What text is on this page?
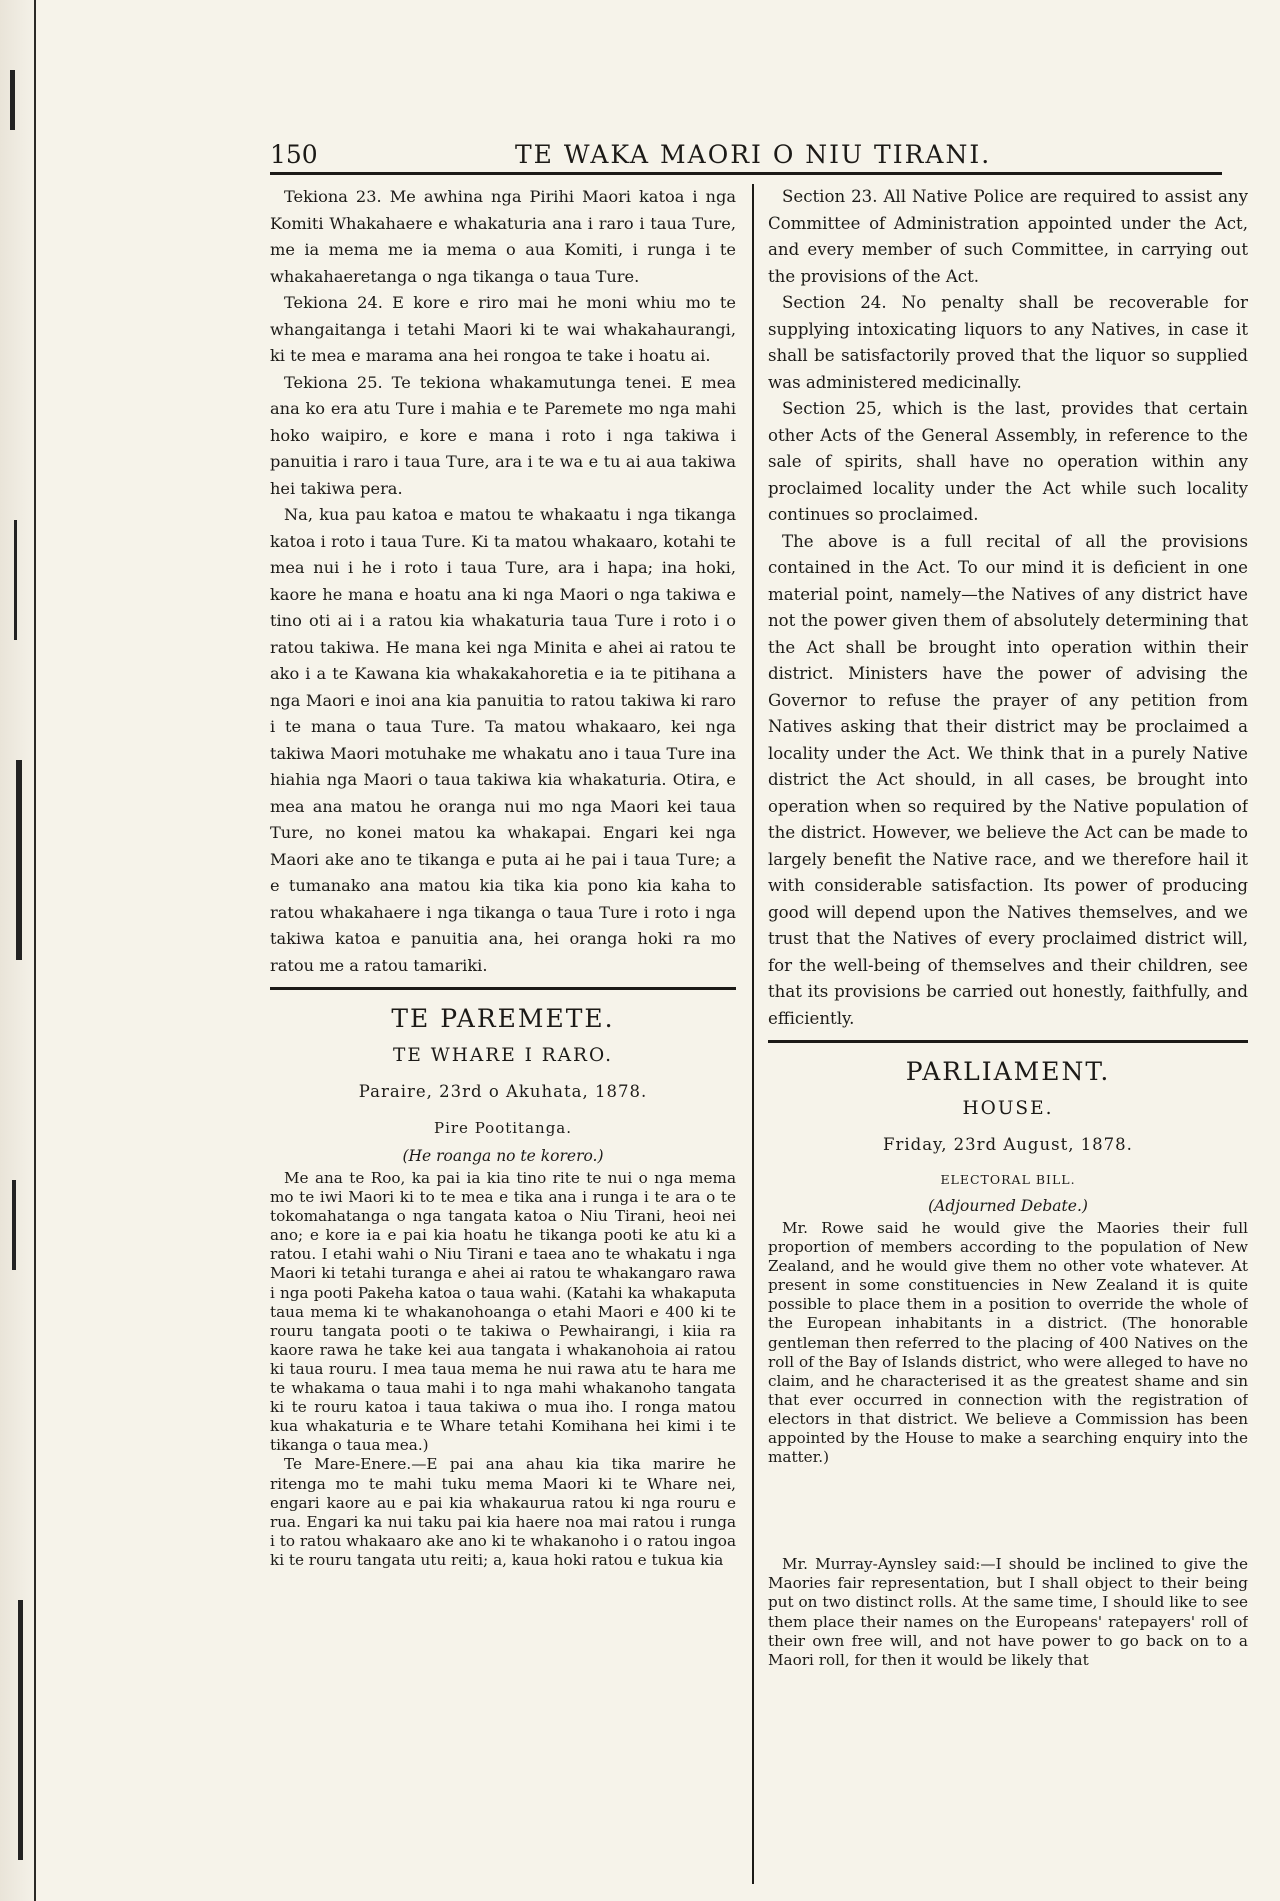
150	TE WAKA MAORI O NIU TIRANI.

Tekiona 23. Me awhina nga Pirihi Maori katoa i nga Komiti Whakahaere e whakaturia ana i raro i taua Ture, me ia mema me ia mema o aua Komiti, i runga i te whakahaeretanga o nga tikanga o taua Ture.

Tekiona 24. E kore e riro mai he moni whiu mo te whangaitanga i tetahi Maori ki te wai whakahaurangi, ki te mea e marama ana hei rongoa te take i hoatu ai.

Tekiona 25. Te tekiona whakamutunga tenei. E mea ana ko era atu Ture i mahia e te Paremete mo nga mahi hoko waipiro, e kore e mana i roto i nga takiwa i panuitia i raro i taua Ture, ara i te wa e tu ai aua takiwa hei takiwa pera.

Na, kua pau katoa e matou te whakaatu i nga tikanga katoa i roto i taua Ture. Ki ta matou whakaaro, kotahi te mea nui i he i roto i taua Ture, ara i hapa; ina hoki, kaore he mana e hoatu ana ki nga Maori o nga takiwa e tino oti ai i a ratou kia whakaturia taua Ture i roto i o ratou takiwa. He mana kei nga Minita e ahei ai ratou te ako i a te Kawana kia whakakahoretia e ia te pitihana a nga Maori e inoi ana kia panuitia to ratou takiwa ki raro i te mana o taua Ture. Ta matou whakaaro, kei nga takiwa Maori motuhake me whakatu ano i taua Ture ina hiahia nga Maori o taua takiwa kia whakaturia. Otira, e mea ana matou he oranga nui mo nga Maori kei taua Ture, no konei matou ka whakapai. Engari kei nga Maori ake ano te tikanga e puta ai he pai i taua Ture; a e tumanako ana matou kia tika kia pono kia kaha to ratou whakahaere i nga tikanga o taua Ture i roto i nga takiwa katoa e panuitia ana, hei oranga hoki ra mo ratou me a ratou tamariki.

TE PAREMETE.
TE WHARE I RARO.
Paraire, 23rd o Akuhata, 1878.
Pire Pootitanga.
(He roanga no te korero.)

Me ana te Roo, ka pai ia kia tino rite te nui o nga mema mo te iwi Maori ki to te mea e tika ana i runga i te ara o te tokomahatanga o nga tangata katoa o Niu Tirani, heoi nei ano; e kore ia e pai kia hoatu he tikanga pooti ke atu ki a ratou. I etahi wahi o Niu Tirani e taea ano te whakatu i nga Maori ki tetahi turanga e ahei ai ratou te whakangaro rawa i nga pooti Pakeha katoa o taua wahi. (Katahi ka whakaputa taua mema ki te whakanohoanga o etahi Maori e 400 ki te rouru tangata pooti o te takiwa o Pewhairangi, i kiia ra kaore rawa he take kei aua tangata i whakanohoia ai ratou ki taua rouru. I mea taua mema he nui rawa atu te hara me te whakama o taua mahi i to nga mahi whakanoho tangata ki te rouru katoa i taua takiwa o mua iho. I ronga matou kua whakaturia e te Whare tetahi Komihana hei kimi i te tikanga o taua mea.)

Te Mare-Enere.—E pai ana ahau kia tika marire he ritenga mo te mahi tuku mema Maori ki te Whare nei, engari kaore au e pai kia whakaurua ratou ki nga rouru e rua. Engari ka nui taku pai kia haere noa mai ratou i runga i to ratou whakaaro ake ano ki te whakanoho i o ratou ingoa ki te rouru tangata utu reiti; a, kaua hoki ratou e tukua kia

Section 23. All Native Police are required to assist any Committee of Administration appointed under the Act, and every member of such Committee, in carrying out the provisions of the Act.

Section 24. No penalty shall be recoverable for supplying intoxicating liquors to any Natives, in case it shall be satisfactorily proved that the liquor so supplied was administered medicinally.

Section 25, which is the last, provides that certain other Acts of the General Assembly, in reference to the sale of spirits, shall have no operation within any proclaimed locality under the Act while such locality continues so proclaimed.

The above is a full recital of all the provisions contained in the Act. To our mind it is deficient in one material point, namely—the Natives of any district have not the power given them of absolutely determining that the Act shall be brought into operation within their district. Ministers have the power of advising the Governor to refuse the prayer of any petition from Natives asking that their district may be proclaimed a locality under the Act. We think that in a purely Native district the Act should, in all cases, be brought into operation when so required by the Native population of the district. However, we believe the Act can be made to largely benefit the Native race, and we therefore hail it with considerable satisfaction. Its power of producing good will depend upon the Natives themselves, and we trust that the Natives of every proclaimed district will, for the well-being of themselves and their children, see that its provisions be carried out honestly, faithfully, and efficiently.

PARLIAMENT.
HOUSE.
Friday, 23rd August, 1878.
ELECTORAL BILL.
(Adjourned Debate.)

Mr. Rowe said he would give the Maories their full proportion of members according to the population of New Zealand, and he would give them no other vote whatever. At present in some constituencies in New Zealand it is quite possible to place them in a position to override the whole of the European inhabitants in a district. (The honorable gentleman then referred to the placing of 400 Natives on the roll of the Bay of Islands district, who were alleged to have no claim, and he characterised it as the greatest shame and sin that ever occurred in connection with the registration of electors in that district. We believe a Commission has been appointed by the House to make a searching enquiry into the matter.)

Mr. Murray-Aynsley said:—I should be inclined to give the Maories fair representation, but I shall object to their being put on two distinct rolls. At the same time, I should like to see them place their names on the Europeans' ratepayers' roll of their own free will, and not have power to go back on to a Maori roll, for then it would be likely that
